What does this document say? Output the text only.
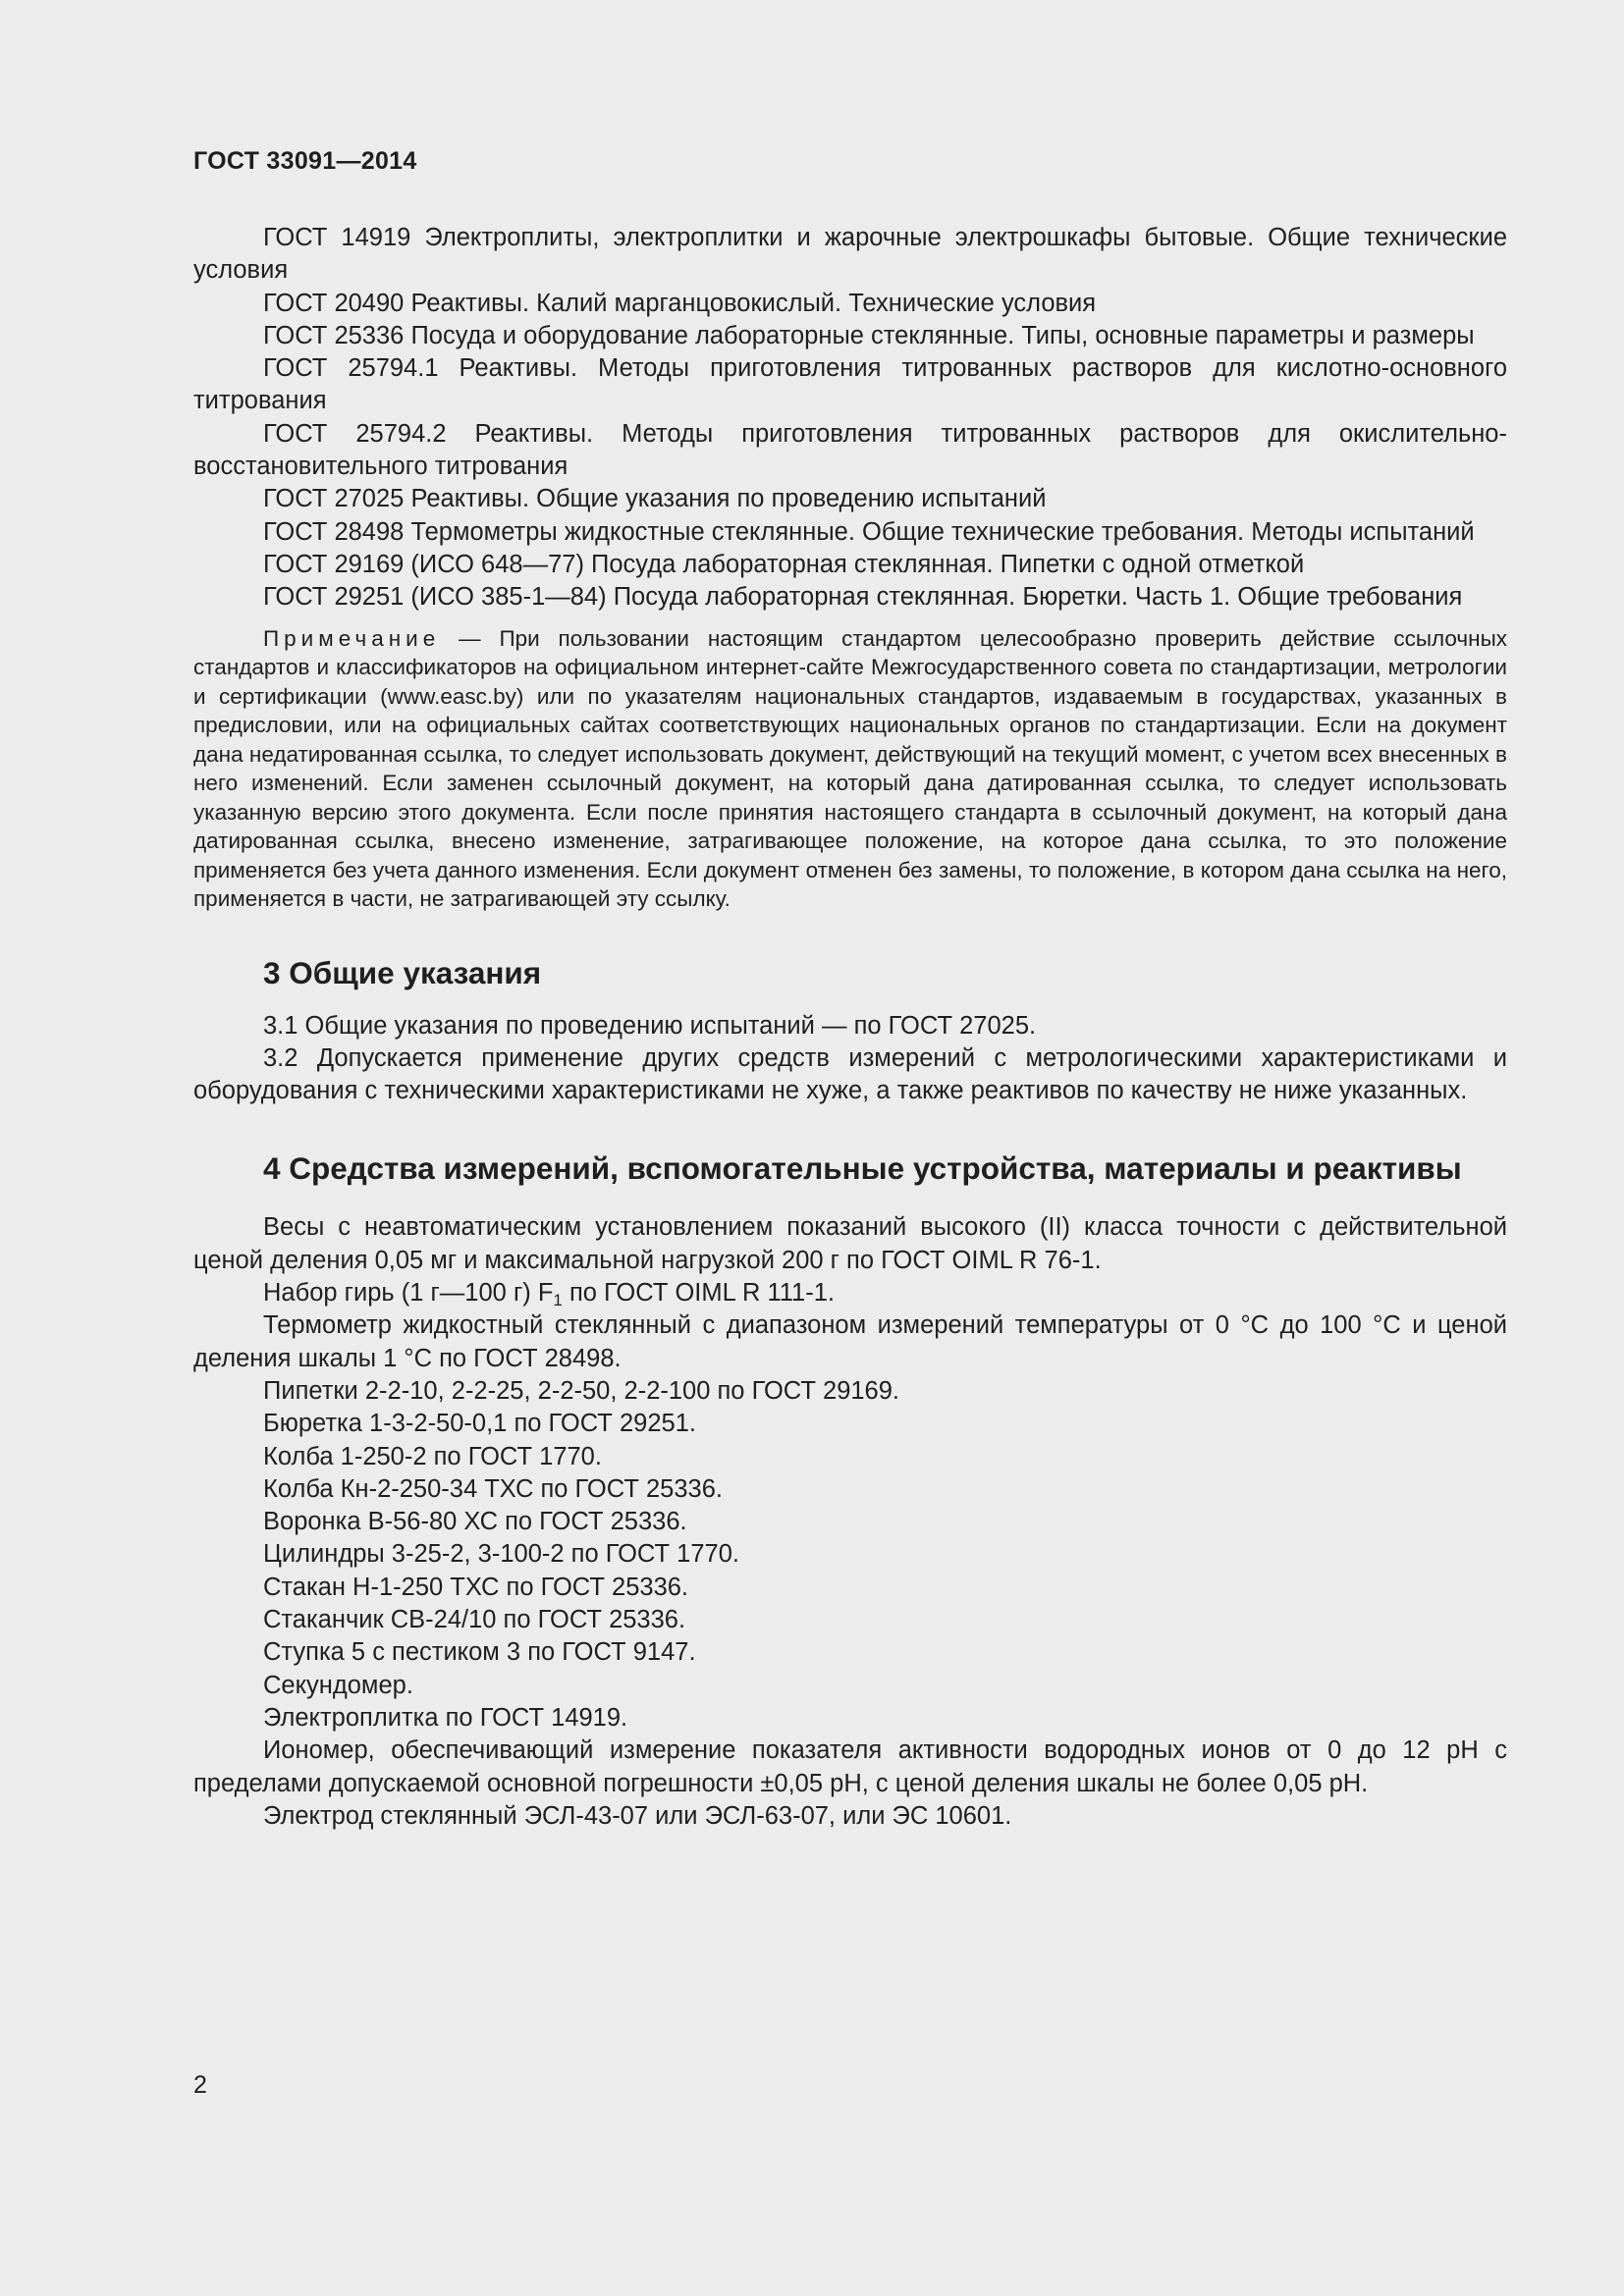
ГОСТ 33091—2014

ГОСТ 14919 Электроплиты, электроплитки и жарочные электрошкафы бытовые. Общие технические условия

ГОСТ 20490 Реактивы. Калий марганцовокислый. Технические условия

ГОСТ 25336 Посуда и оборудование лабораторные стеклянные. Типы, основные параметры и размеры

ГОСТ 25794.1 Реактивы. Методы приготовления титрованных растворов для кислотно-основного титрования

ГОСТ 25794.2 Реактивы. Методы приготовления титрованных растворов для окислительно-восстановительного титрования

ГОСТ 27025 Реактивы. Общие указания по проведению испытаний

ГОСТ 28498 Термометры жидкостные стеклянные. Общие технические требования. Методы испытаний

ГОСТ 29169 (ИСО 648—77) Посуда лабораторная стеклянная. Пипетки с одной отметкой

ГОСТ 29251 (ИСО 385-1—84) Посуда лабораторная стеклянная. Бюретки. Часть 1. Общие требования

Примечание — При пользовании настоящим стандартом целесообразно проверить действие ссылочных стандартов и классификаторов на официальном интернет-сайте Межгосударственного совета по стандартизации, метрологии и сертификации (www.easc.by) или по указателям национальных стандартов, издаваемым в государствах, указанных в предисловии, или на официальных сайтах соответствующих национальных органов по стандартизации. Если на документ дана недатированная ссылка, то следует использовать документ, действующий на текущий момент, с учетом всех внесенных в него изменений. Если заменен ссылочный документ, на который дана датированная ссылка, то следует использовать указанную версию этого документа. Если после принятия настоящего стандарта в ссылочный документ, на который дана датированная ссылка, внесено изменение, затрагивающее положение, на которое дана ссылка, то это положение применяется без учета данного изменения. Если документ отменен без замены, то положение, в котором дана ссылка на него, применяется в части, не затрагивающей эту ссылку.
3 Общие указания

3.1 Общие указания по проведению испытаний — по ГОСТ 27025.

3.2 Допускается применение других средств измерений с метрологическими характеристиками и оборудования с техническими характеристиками не хуже, а также реактивов по качеству не ниже указанных.

4 Средства измерений, вспомогательные устройства, материалы и реактивы

Весы с неавтоматическим установлением показаний высокого (II) класса точности с действительной ценой деления 0,05 мг и максимальной нагрузкой 200 г по ГОСТ OIML R 76-1.

Набор гирь (1 г—100 г) $F_1$ по ГОСТ OIML R 111-1.

Термометр жидкостный стеклянный с диапазоном измерений температуры от 0 °С до 100 °С и ценой деления шкалы 1 °С по ГОСТ 28498.

Пипетки 2-2-10, 2-2-25, 2-2-50, 2-2-100 по ГОСТ 29169.

Бюретка 1-3-2-50-0,1 по ГОСТ 29251.

Колба 1-250-2 по ГОСТ 1770.

Колба Кн-2-250-34 ТХС по ГОСТ 25336.

Воронка В-56-80 ХС по ГОСТ 25336.

Цилиндры 3-25-2, 3-100-2 по ГОСТ 1770.

Стакан Н-1-250 ТХС по ГОСТ 25336.

Стаканчик СВ-24/10 по ГОСТ 25336.

Ступка 5 с пестиком 3 по ГОСТ 9147.

Секундомер.

Электроплитка по ГОСТ 14919.

Иономер, обеспечивающий измерение показателя активности водородных ионов от 0 до 12 рН с пределами допускаемой основной погрешности ±0,05 рН, с ценой деления шкалы не более 0,05 рН.

Электрод стеклянный ЭСЛ-43-07 или ЭСЛ-63-07, или ЭС 10601.

2
